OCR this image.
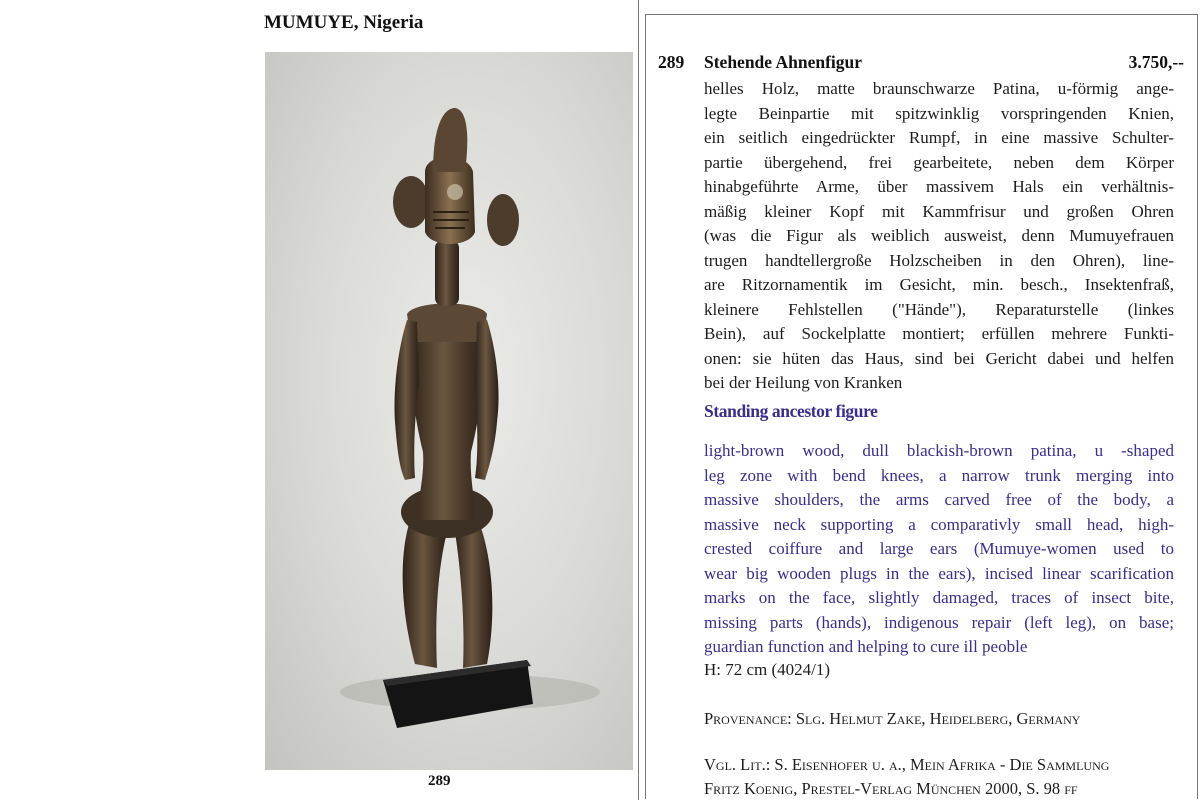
MUMUYE, Nigeria
289
289 Stehende Ahnenfigur	3.750,--
helles Holz, matte braunschwarze Patina, u-förmig ange-
legte Beinpartie mit spitzwinklig vorspringenden Knien,
ein seitlich eingedrückter Rumpf, in eine massive Schulter-
partie übergehend, frei gearbeitete, neben dem Körper
hinabgeführte Arme, über massivem Hals ein verhältnis-
mäßig kleiner Kopf mit Kammfrisur und großen Ohren
(was die Figur als weiblich ausweist, denn Mumuyefrauen
trugen handtellergroße Holzscheiben in den Ohren), line-
are Ritzornamentik im Gesicht, min. besch., Insektenfraß,
kleinere Fehlstellen ("Hände"), Reparaturstelle (linkes
Bein), auf Sockelplatte montiert; erfüllen mehrere Funkti-
onen: sie hüten das Haus, sind bei Gericht dabei und helfen
bei der Heilung von Kranken
Standing ancestor figure
light-brown wood, dull blackish-brown patina, u -shaped
leg zone with bend knees, a narrow trunk merging into
massive shoulders, the arms carved free of the body, a
massive neck supporting a comparativly small head, high-
crested coiffure and large ears (Mumuye-women used to
wear big wooden plugs in the ears), incised linear scarification
marks on the face, slightly damaged, traces of insect bite,
missing parts (hands), indigenous repair (left leg), on base;
guardian function and helping to cure ill peoble
H: 72 cm (4024/1)
Provenance: Slg. Helmut Zake, Heidelberg, Germany
Vgl. Lit.: S. Eisenhofer u. a., Mein Afrika - Die Sammlung
Fritz Koenig, Prestel-Verlag München 2000, S. 98 ff
